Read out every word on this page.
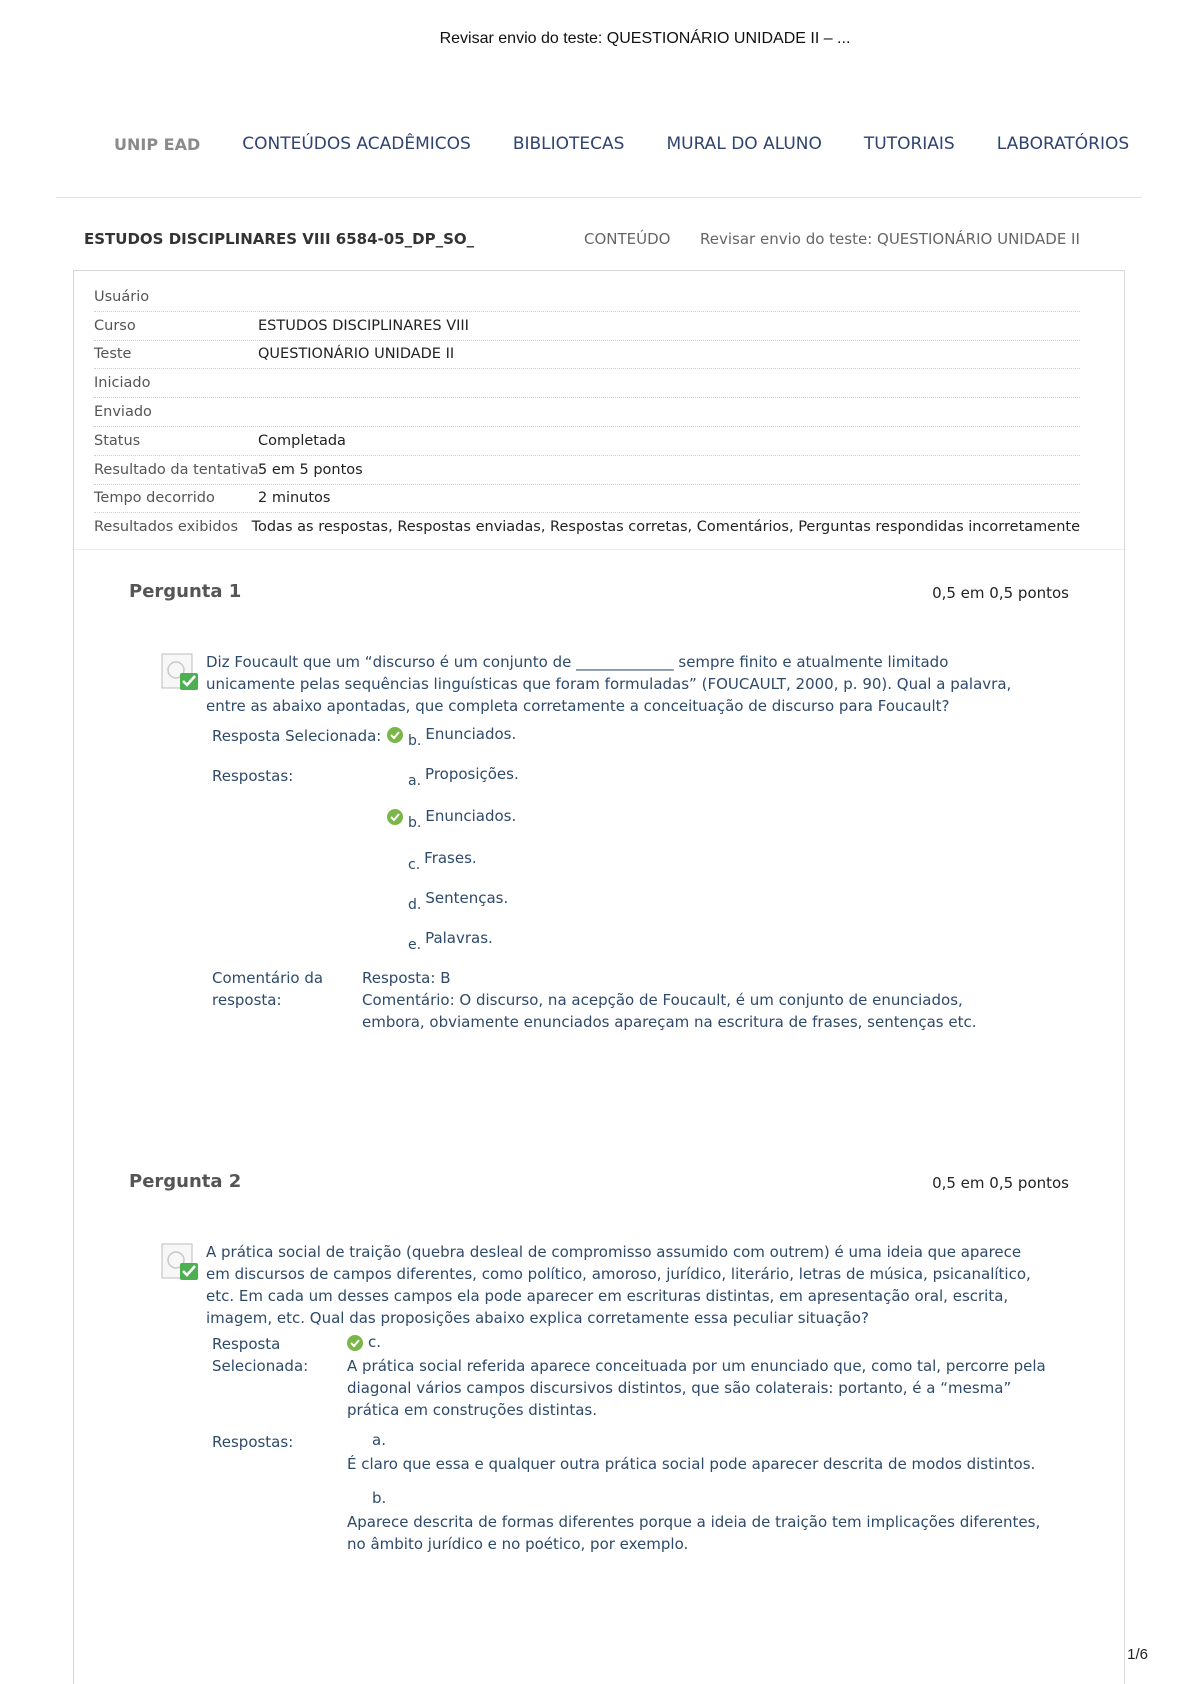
Revisar envio do teste: QUESTIONÁRIO UNIDADE II – ...
UNIP EAD CONTEÚDOS ACADÊMICOS BIBLIOTECAS MURAL DO ALUNO TUTORIAIS LABORATÓRIOS
ESTUDOS DISCIPLINARES VIII 6584-05_DP_SO_	CONTEÚDO Revisar envio do teste: QUESTIONÁRIO UNIDADE II
Usuário
Curso	ESTUDOS DISCIPLINARES VIII
Teste	QUESTIONÁRIO UNIDADE II
Iniciado
Enviado
Status	Completada
Resultado da tentativa 5 em 5 pontos
Tempo decorrido	2 minutos
Resultados exibidos Todas as respostas, Respostas enviadas, Respostas corretas, Comentários, Perguntas respondidas incorretamente
Pergunta 1	0,5 em 0,5 pontos
Diz Foucault que um “discurso é um conjunto de _____________ sempre finito e atualmente limitado unicamente pelas sequências linguísticas que foram formuladas” (FOUCAULT, 2000, p. 90). Qual a palavra, entre as abaixo apontadas, que completa corretamente a conceituação de discurso para Foucault?
Resposta Selecionada:	b. Enunciados.
Respostas:	a. Proposições.
b. Enunciados.
c. Frases.
d. Sentenças.
e. Palavras.
Comentário da resposta:
Resposta: B
Comentário: O discurso, na acepção de Foucault, é um conjunto de enunciados, embora, obviamente enunciados apareçam na escritura de frases, sentenças etc.
Pergunta 2	0,5 em 0,5 pontos
A prática social de traição (quebra desleal de compromisso assumido com outrem) é uma ideia que aparece em discursos de campos diferentes, como político, amoroso, jurídico, literário, letras de música, psicanalítico, etc. Em cada um desses campos ela pode aparecer em escrituras distintas, em apresentação oral, escrita, imagem, etc. Qual das proposições abaixo explica corretamente essa peculiar situação?
Resposta Selecionada:
c.
A prática social referida aparece conceituada por um enunciado que, como tal, percorre pela diagonal vários campos discursivos distintos, que são colaterais: portanto, é a “mesma” prática em construções distintas.
Respostas:	a.
É claro que essa e qualquer outra prática social pode aparecer descrita de modos distintos.
b.
Aparece descrita de formas diferentes porque a ideia de traição tem implicações diferentes, no âmbito jurídico e no poético, por exemplo.
1/6
